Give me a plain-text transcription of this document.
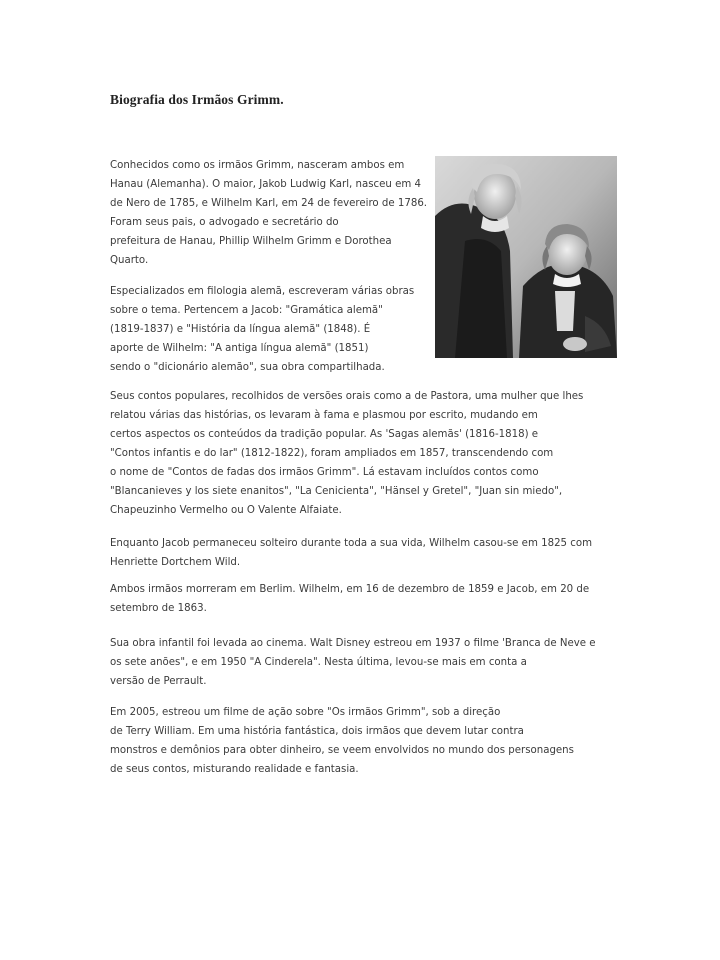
Biografia dos Irmãos Grimm.
Conhecidos como os irmãos Grimm, nasceram ambos em
Hanau (Alemanha). O maior, Jakob Ludwig Karl, nasceu em 4
de Nero de 1785, e Wilhelm Karl, em 24 de fevereiro de 1786.
Foram seus pais, o advogado e secretário do
prefeitura de Hanau, Phillip Wilhelm Grimm e Dorothea
Quarto.
Especializados em filologia alemã, escreveram várias obras
sobre o tema. Pertencem a Jacob: "Gramática alemã"
(1819-1837) e "História da língua alemã" (1848). É
aporte de Wilhelm: "A antiga língua alemã" (1851)
sendo o "dicionário alemão", sua obra compartilhada.
Seus contos populares, recolhidos de versões orais como a de Pastora, uma mulher que lhes
relatou várias das histórias, os levaram à fama e plasmou por escrito, mudando em
certos aspectos os conteúdos da tradição popular. As 'Sagas alemãs' (1816-1818) e
"Contos infantis e do lar" (1812-1822), foram ampliados em 1857, transcendendo com
o nome de "Contos de fadas dos irmãos Grimm". Lá estavam incluídos contos como
"Blancanieves y los siete enanitos", "La Cenicienta", "Hänsel y Gretel", "Juan sin miedo",
Chapeuzinho Vermelho ou O Valente Alfaiate.
Enquanto Jacob permaneceu solteiro durante toda a sua vida, Wilhelm casou-se em 1825 com
Henriette Dortchem Wild.
Ambos irmãos morreram em Berlim. Wilhelm, em 16 de dezembro de 1859 e Jacob, em 20 de
setembro de 1863.
Sua obra infantil foi levada ao cinema. Walt Disney estreou em 1937 o filme 'Branca de Neve e
os sete anões", e em 1950 "A Cinderela". Nesta última, levou-se mais em conta a
versão de Perrault.
Em 2005, estreou um filme de ação sobre "Os irmãos Grimm", sob a direção
de Terry William. Em uma história fantástica, dois irmãos que devem lutar contra
monstros e demônios para obter dinheiro, se veem envolvidos no mundo dos personagens
de seus contos, misturando realidade e fantasia.
